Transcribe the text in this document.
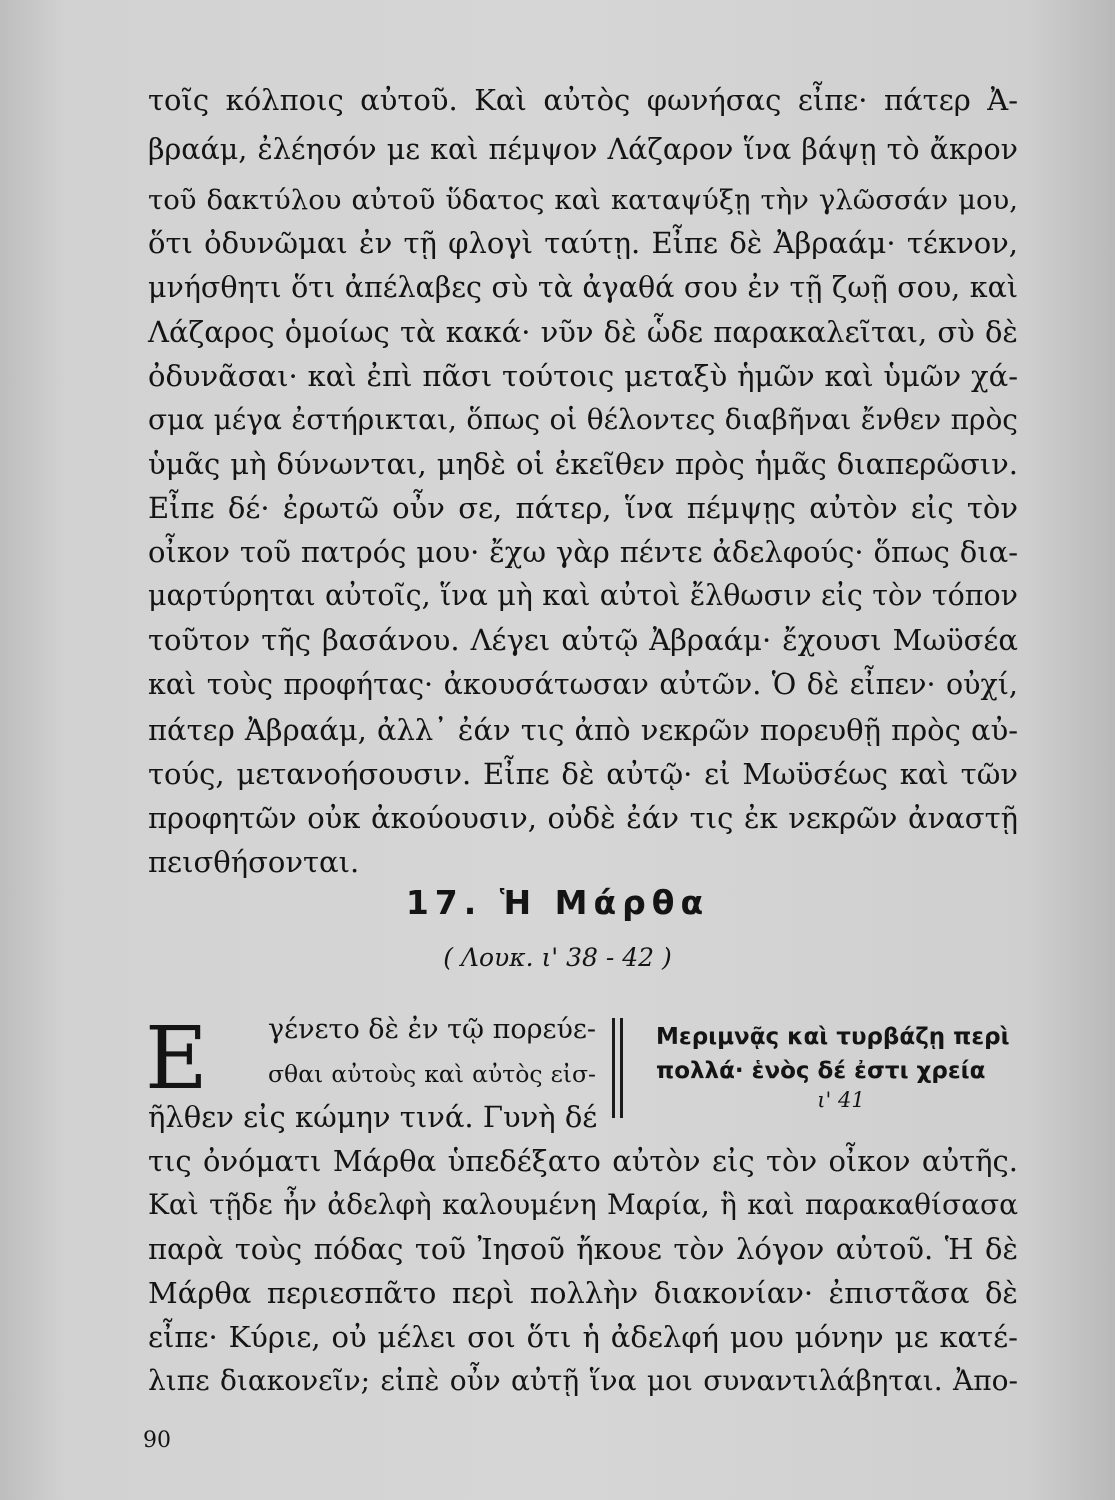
τοῖς κόλποις αὐτοῦ. Καὶ αὐτὸς φωνήσας εἶπε· πάτερ Ἀ-
βραάμ, ἐλέησόν με καὶ πέμψον Λάζαρον ἵνα βάψῃ τὸ ἄκρον
τοῦ δακτύλου αὐτοῦ ὕδατος καὶ καταψύξῃ τὴν γλῶσσάν μου,
ὅτι ὀδυνῶμαι ἐν τῇ φλογὶ ταύτῃ. Εἶπε δὲ Ἀβραάμ· τέκνον,
μνήσθητι ὅτι ἀπέλαβες σὺ τὰ ἀγαθά σου ἐν τῇ ζωῇ σου, καὶ
Λάζαρος ὁμοίως τὰ κακά· νῦν δὲ ὧδε παρακαλεῖται, σὺ δὲ
ὀδυνᾶσαι· καὶ ἐπὶ πᾶσι τούτοις μεταξὺ ἡμῶν καὶ ὑμῶν χά-
σμα μέγα ἐστήρικται, ὅπως οἱ θέλοντες διαβῆναι ἔνθεν πρὸς
ὑμᾶς μὴ δύνωνται, μηδὲ οἱ ἐκεῖθεν πρὸς ἡμᾶς διαπερῶσιν.
Εἶπε δέ· ἐρωτῶ οὖν σε, πάτερ, ἵνα πέμψῃς αὐτὸν εἰς τὸν
οἶκον τοῦ πατρός μου· ἔχω γὰρ πέντε ἀδελφούς· ὅπως δια-
μαρτύρηται αὐτοῖς, ἵνα μὴ καὶ αὐτοὶ ἔλθωσιν εἰς τὸν τόπον
τοῦτον τῆς βασάνου. Λέγει αὐτῷ Ἀβραάμ· ἔχουσι Μωϋσέα
καὶ τοὺς προφήτας· ἀκουσάτωσαν αὐτῶν. Ὁ δὲ εἶπεν· οὐχί,
πάτερ Ἀβραάμ, ἀλλ᾽ ἐάν τις ἀπὸ νεκρῶν πορευθῇ πρὸς αὐ-
τούς, μετανοήσουσιν. Εἶπε δὲ αὐτῷ· εἰ Μωϋσέως καὶ τῶν
προφητῶν οὐκ ἀκούουσιν, οὐδὲ ἐάν τις ἐκ νεκρῶν ἀναστῇ
πεισθήσονται.
17. Ἡ Μάρθα
( Λουκ. ι' 38 - 42 )
Ε γένετο δὲ ἐν τῷ πορεύε-
σθαι αὐτοὺς καὶ αὐτὸς εἰσ-
ῆλθεν εἰς κώμην τινά. Γυνὴ δέ
Μεριμνᾷς καὶ τυρβάζῃ περὶ
πολλά· ἑνὸς δέ ἐστι χρεία
ι' 41
τις ὀνόματι Μάρθα ὑπεδέξατο αὐτὸν εἰς τὸν οἶκον αὐτῆς.
Καὶ τῇδε ἦν ἀδελφὴ καλουμένη Μαρία, ἣ καὶ παρακαθίσασα
παρὰ τοὺς πόδας τοῦ Ἰησοῦ ἤκουε τὸν λόγον αὐτοῦ. Ἡ δὲ
Μάρθα περιεσπᾶτο περὶ πολλὴν διακονίαν· ἐπιστᾶσα δὲ
εἶπε· Κύριε, οὐ μέλει σοι ὅτι ἡ ἀδελφή μου μόνην με κατέ-
λιπε διακονεῖν; εἰπὲ οὖν αὐτῇ ἵνα μοι συναντιλάβηται. Ἀπο-
90
